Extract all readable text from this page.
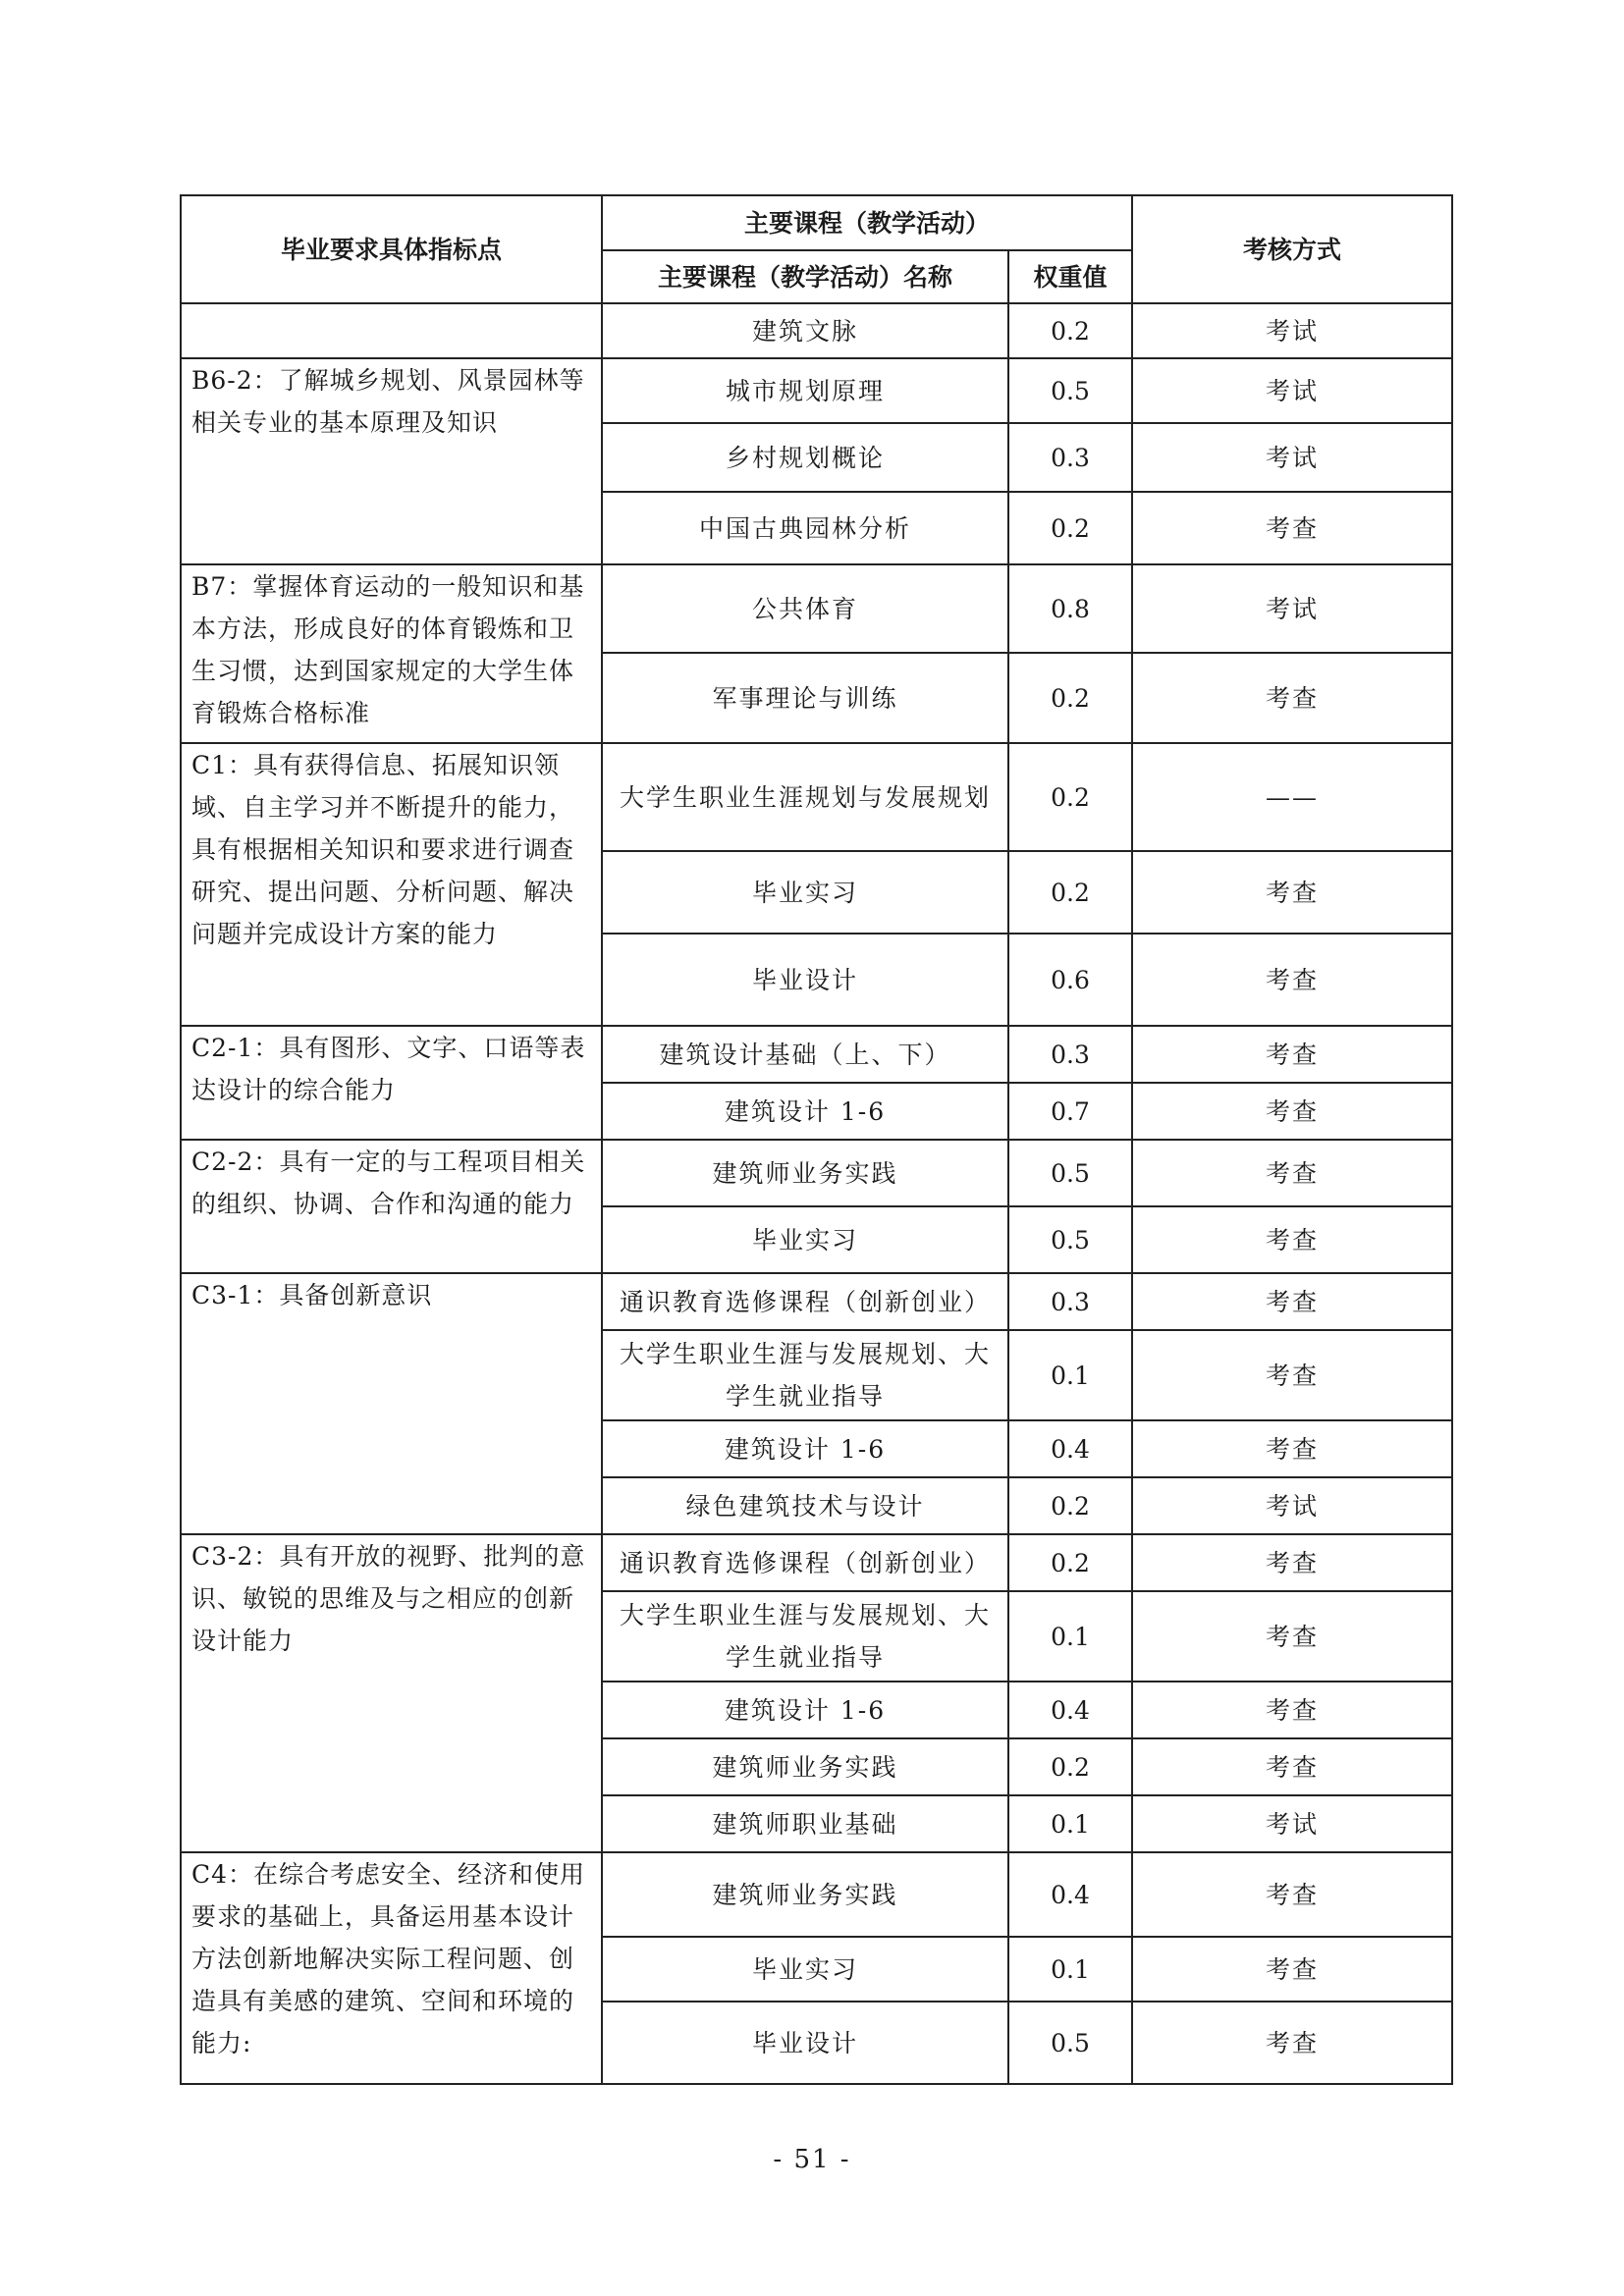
毕业要求具体指标点	主要课程（教学活动）		考核方式
	主要课程（教学活动）名称	权重值	
	建筑文脉	0.2	考试
B6-2：了解城乡规划、风景园林等相关专业的基本原理及知识	城市规划原理	0.5	考试
	乡村规划概论	0.3	考试
	中国古典园林分析	0.2	考查
B7：掌握体育运动的一般知识和基本方法，形成良好的体育锻炼和卫生习惯，达到国家规定的大学生体育锻炼合格标准	公共体育	0.8	考试
	军事理论与训练	0.2	考查
C1：具有获得信息、拓展知识领域、自主学习并不断提升的能力，具有根据相关知识和要求进行调查研究、提出问题、分析问题、解决问题并完成设计方案的能力	大学生职业生涯规划与发展规划	0.2	——
	毕业实习	0.2	考查
	毕业设计	0.6	考查
C2-1：具有图形、文字、口语等表达设计的综合能力	建筑设计基础（上、下）	0.3	考查
	建筑设计 1-6	0.7	考查
C2-2：具有一定的与工程项目相关的组织、协调、合作和沟通的能力	建筑师业务实践	0.5	考查
	毕业实习	0.5	考查
C3-1：具备创新意识	通识教育选修课程（创新创业）	0.3	考查
	大学生职业生涯与发展规划、大学生就业指导	0.1	考查
	建筑设计 1-6	0.4	考查
	绿色建筑技术与设计	0.2	考试
C3-2：具有开放的视野、批判的意识、敏锐的思维及与之相应的创新设计能力	通识教育选修课程（创新创业）	0.2	考查
	大学生职业生涯与发展规划、大学生就业指导	0.1	考查
	建筑设计 1-6	0.4	考查
	建筑师业务实践	0.2	考查
	建筑师职业基础	0.1	考试
C4：在综合考虑安全、经济和使用要求的基础上，具备运用基本设计方法创新地解决实际工程问题、创造具有美感的建筑、空间和环境的能力:	建筑师业务实践	0.4	考查
	毕业实习	0.1	考查
	毕业设计	0.5	考查
- 51 -
